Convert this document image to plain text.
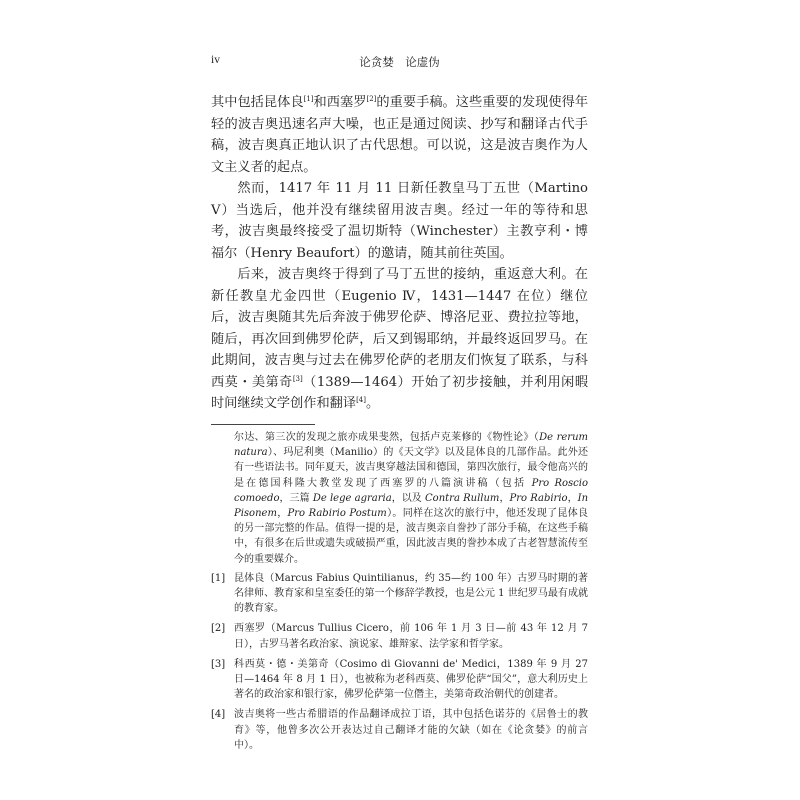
iv	论贪婪　论虚伪

其中包括昆体良[1]和西塞罗[2]的重要手稿。这些重要的发现使得年轻的波吉奥迅速名声大噪，也正是通过阅读、抄写和翻译古代手稿，波吉奥真正地认识了古代思想。可以说，这是波吉奥作为人文主义者的起点。

然而，1417 年 11 月 11 日新任教皇马丁五世（Martino V）当选后，他并没有继续留用波吉奥。经过一年的等待和思考，波吉奥最终接受了温切斯特（Winchester）主教亨利・博福尔（Henry Beaufort）的邀请，随其前往英国。

后来，波吉奥终于得到了马丁五世的接纳，重返意大利。在新任教皇尤金四世（Eugenio Ⅳ，1431—1447 在位）继位后，波吉奥随其先后奔波于佛罗伦萨、博洛尼亚、费拉拉等地，随后，再次回到佛罗伦萨，后又到锡耶纳，并最终返回罗马。在此期间，波吉奥与过去在佛罗伦萨的老朋友们恢复了联系，与科西莫・美第奇[3]（1389—1464）开始了初步接触，并利用闲暇时间继续文学创作和翻译[4]。

尔达、第三次的发现之旅亦成果斐然，包括卢克莱修的《物性论》（De rerum natura）、玛尼利奥（Manilio）的《天文学》以及昆体良的几部作品。此外还有一些语法书。同年夏天，波吉奥穿越法国和德国，第四次旅行，最令他高兴的是在德国科隆大教堂发现了西塞罗的八篇演讲稿（包括 Pro Roscio comoedo，三篇 De lege agraria，以及 Contra Rullum，Pro Rabirio，In Pisonem，Pro Rabirio Postum）。同样在这次的旅行中，他还发现了昆体良的另一部完整的作品。值得一提的是，波吉奥亲自誊抄了部分手稿，在这些手稿中，有很多在后世或遗失或破损严重，因此波吉奥的誊抄本成了古老智慧流传至今的重要媒介。
[1] 昆体良（Marcus Fabius Quintilianus，约 35—约 100 年）古罗马时期的著名律师、教育家和皇室委任的第一个修辞学教授，也是公元 1 世纪罗马最有成就的教育家。
[2] 西塞罗（Marcus Tullius Cicero，前 106 年 1 月 3 日—前 43 年 12 月 7 日），古罗马著名政治家、演说家、雄辩家、法学家和哲学家。
[3] 科西莫・德・美第奇（Cosimo di Giovanni de' Medici，1389 年 9 月 27 日—1464 年 8 月 1 日），也被称为老科西莫、佛罗伦萨“国父”，意大利历史上著名的政治家和银行家，佛罗伦萨第一位僭主，美第奇政治朝代的创建者。
[4] 波吉奥将一些古希腊语的作品翻译成拉丁语，其中包括色诺芬的《居鲁士的教育》等，他曾多次公开表达过自己翻译才能的欠缺（如在《论贪婪》的前言中）。
